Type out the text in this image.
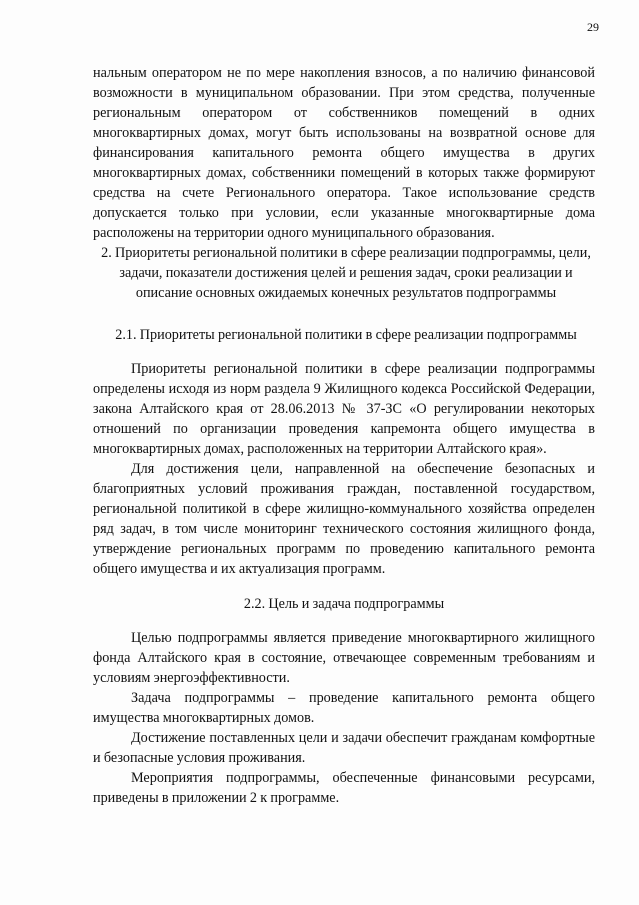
29

нальным оператором не по мере накопления взносов, а по наличию финансовой возможности в муниципальном образовании. При этом средства, полученные региональным оператором от собственников помещений в одних многоквартирных домах, могут быть использованы на возвратной основе для финансирования капитального ремонта общего имущества в других многоквартирных домах, собственники помещений в которых также формируют средства на счете Регионального оператора. Такое использование средств допускается только при условии, если указанные многоквартирные дома расположены на территории одного муниципального образования.

2. Приоритеты региональной политики в сфере реализации подпрограммы, цели, задачи, показатели достижения целей и решения задач, сроки реализации и описание основных ожидаемых конечных результатов подпрограммы
2.1. Приоритеты региональной политики в сфере реализации подпрограммы

Приоритеты региональной политики в сфере реализации подпрограммы определены исходя из норм раздела 9 Жилищного кодекса Российской Федерации, закона Алтайского края от 28.06.2013 № 37-ЗС «О регулировании некоторых отношений по организации проведения капремонта общего имущества в многоквартирных домах, расположенных на территории Алтайского края».

Для достижения цели, направленной на обеспечение безопасных и благоприятных условий проживания граждан, поставленной государством, региональной политикой в сфере жилищно-коммунального хозяйства определен ряд задач, в том числе мониторинг технического состояния жилищного фонда, утверждение региональных программ по проведению капитального ремонта общего имущества и их актуализация программ.

2.2. Цель и задача подпрограммы

Целью подпрограммы является приведение многоквартирного жилищного фонда Алтайского края в состояние, отвечающее современным требованиям и условиям энергоэффективности.

Задача подпрограммы – проведение капитального ремонта общего имущества многоквартирных домов.

Достижение поставленных цели и задачи обеспечит гражданам комфортные и безопасные условия проживания.

Мероприятия подпрограммы, обеспеченные финансовыми ресурсами, приведены в приложении 2 к программе.
